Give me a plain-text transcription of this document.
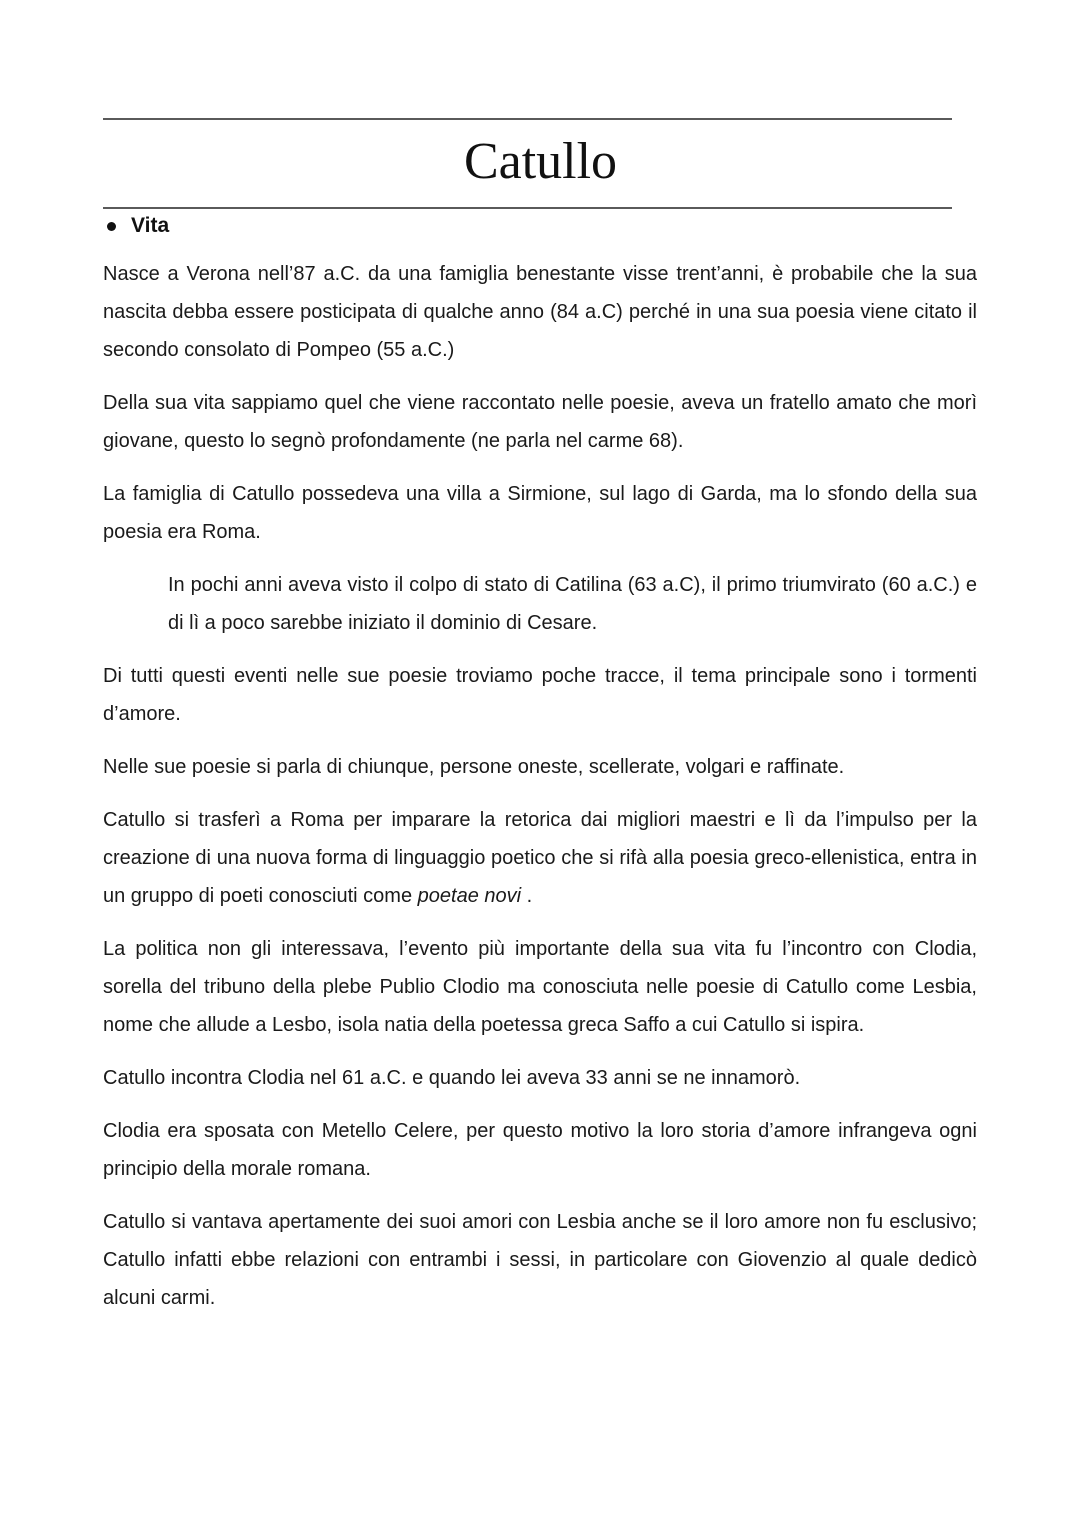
Catullo
Vita

Nasce a Verona nell’87 a.C. da una famiglia benestante visse trent’anni, è probabile che la sua nascita debba essere posticipata di qualche anno (84 a.C) perché in una sua poesia viene citato il secondo consolato di Pompeo (55 a.C.)

Della sua vita sappiamo quel che viene raccontato nelle poesie, aveva un fratello amato che morì giovane, questo lo segnò profondamente (ne parla nel carme 68).

La famiglia di Catullo possedeva una villa a Sirmione, sul lago di Garda, ma lo sfondo della sua poesia era Roma.

In pochi anni aveva visto il colpo di stato di Catilina (63 a.C), il primo triumvirato (60 a.C.) e di lì a poco sarebbe iniziato il dominio di Cesare.

Di tutti questi eventi nelle sue poesie troviamo poche tracce, il tema principale sono i tormenti d’amore.

Nelle sue poesie si parla di chiunque, persone oneste, scellerate, volgari e raffinate.

Catullo si trasferì a Roma per imparare la retorica dai migliori maestri e lì da l’impulso per la creazione di una nuova forma di linguaggio poetico che si rifà alla poesia greco-ellenistica, entra in un gruppo di poeti conosciuti come poetae novi .

La politica non gli interessava, l’evento più importante della sua vita fu l’incontro con Clodia, sorella del tribuno della plebe Publio Clodio ma conosciuta nelle poesie di Catullo come Lesbia, nome che allude a Lesbo, isola natia della poetessa greca Saffo a cui Catullo si ispira.

Catullo incontra Clodia nel 61 a.C. e quando lei aveva 33 anni se ne innamorò.

Clodia era sposata con Metello Celere, per questo motivo la loro storia d’amore infrangeva ogni principio della morale romana.

Catullo si vantava apertamente dei suoi amori con Lesbia anche se il loro amore non fu esclusivo; Catullo infatti ebbe relazioni con entrambi i sessi, in particolare con Giovenzio al quale dedicò alcuni carmi.
